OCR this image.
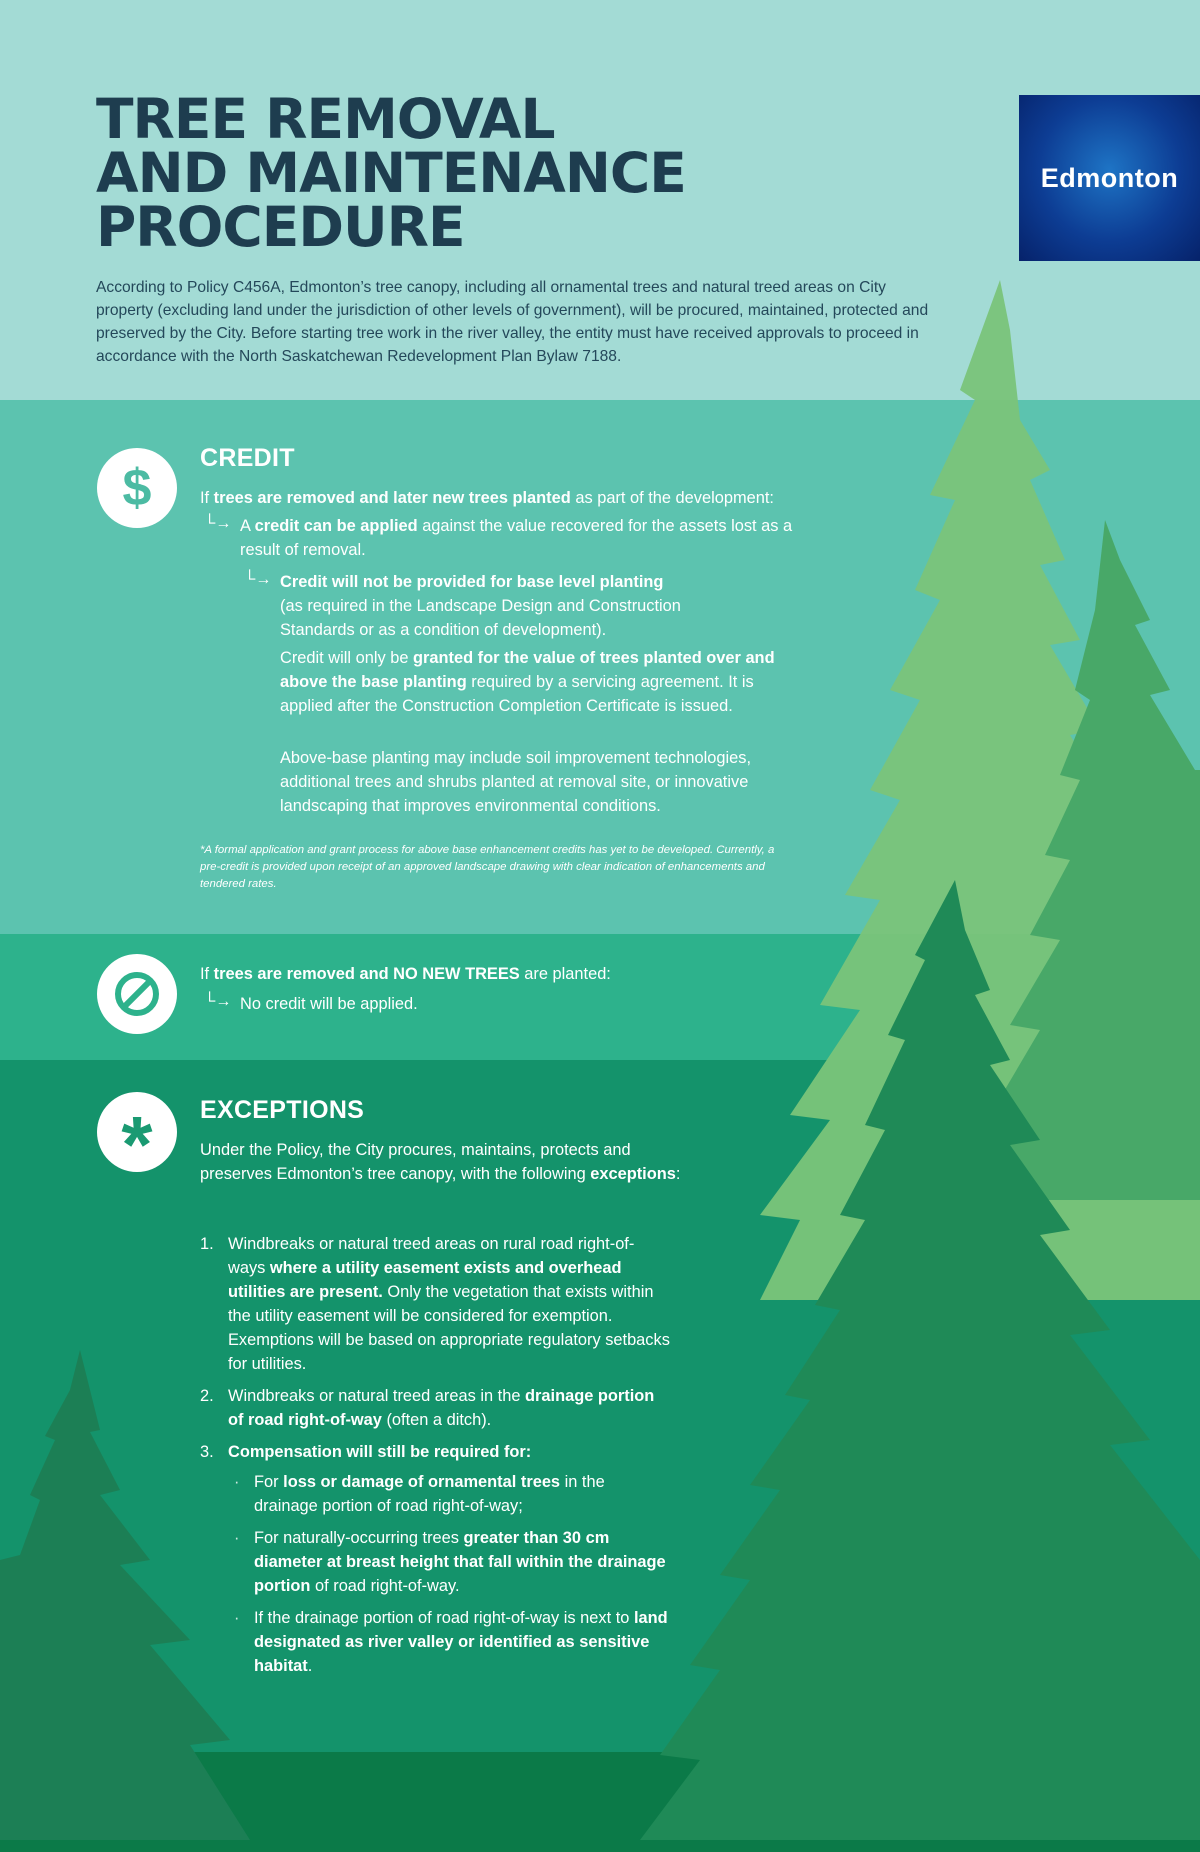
TREE REMOVAL
AND MAINTENANCE
PROCEDURE
Edmonton

According to Policy C456A, Edmonton’s tree canopy, including all ornamental trees and natural treed areas on City property (excluding land under the jurisdiction of other levels of government), will be procured, maintained, protected and preserved by the City. Before starting tree work in the river valley, the entity must have received approvals to proceed in accordance with the North Saskatchewan Redevelopment Plan Bylaw 7188.

$
CREDIT

If trees are removed and later new trees planted as part of the development:

└→ A credit can be applied against the value recovered for the assets lost as a result of removal.

└→ Credit will not be provided for base level planting
(as required in the Landscape Design and Construction Standards or as a condition of development).

Credit will only be granted for the value of trees planted over and above the base planting required by a servicing agreement. It is applied after the Construction Completion Certificate is issued.

Above-base planting may include soil improvement technologies, additional trees and shrubs planted at removal site, or innovative landscaping that improves environmental conditions.

*A formal application and grant process for above base enhancement credits has yet to be developed. Currently, a pre-credit is provided upon receipt of an approved landscape drawing with clear indication of enhancements and tendered rates.

If trees are removed and NO NEW TREES are planted:

└→ No credit will be applied.

* EXCEPTIONS

Under the Policy, the City procures, maintains, protects and preserves Edmonton’s tree canopy, with the following exceptions:

1. Windbreaks or natural treed areas on rural road right-of-ways where a utility easement exists and overhead utilities are present. Only the vegetation that exists within the utility easement will be considered for exemption. Exemptions will be based on appropriate regulatory setbacks for utilities.
2. Windbreaks or natural treed areas in the drainage portion of road right-of-way (often a ditch).
3. Compensation will still be required for:
· For loss or damage of ornamental trees in the drainage portion of road right-of-way;
· For naturally-occurring trees greater than 30 cm diameter at breast height that fall within the drainage portion of road right-of-way.
· If the drainage portion of road right-of-way is next to land designated as river valley or identified as sensitive habitat.
